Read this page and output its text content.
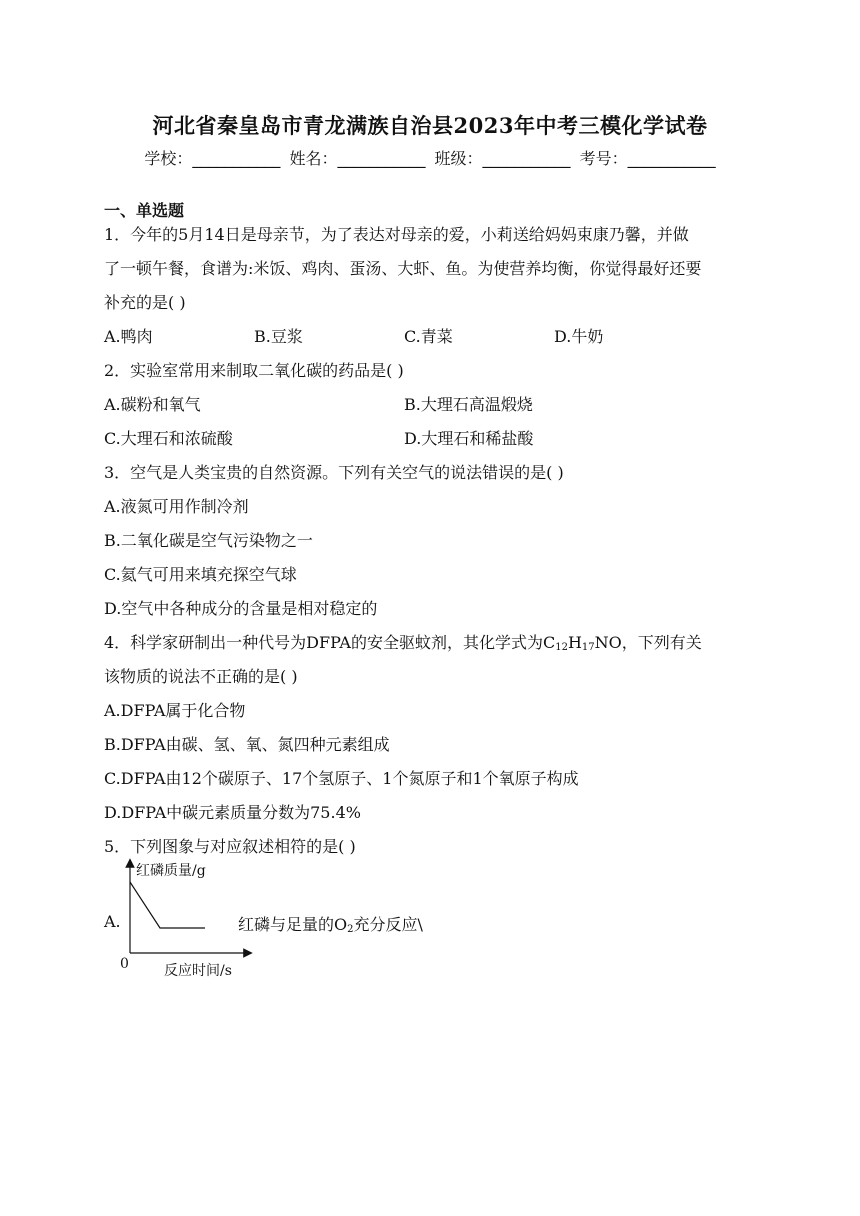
河北省秦皇岛市青龙满族自治县2023年中考三模化学试卷
学校：___________ 姓名：___________ 班级：___________ 考号：___________
一、单选题
1．今年的5月14日是母亲节，为了表达对母亲的爱，小莉送给妈妈束康乃馨，并做
了一顿午餐，食谱为:米饭、鸡肉、蛋汤、大虾、鱼。为使营养均衡，你觉得最好还要
补充的是( )
A.鸭肉	B.豆浆	C.青菜	D.牛奶
2．实验室常用来制取二氧化碳的药品是( )
A.碳粉和氧气	B.大理石高温煅烧
C.大理石和浓硫酸	D.大理石和稀盐酸
3．空气是人类宝贵的自然资源。下列有关空气的说法错误的是( )
A.液氮可用作制冷剂
B.二氧化碳是空气污染物之一
C.氦气可用来填充探空气球
D.空气中各种成分的含量是相对稳定的
4．科学家研制出一种代号为DFPA的安全驱蚊剂，其化学式为$C_{12}H_{17}NO$，下列有关
该物质的说法不正确的是( )
A.DFPA属于化合物
B.DFPA由碳、氢、氧、氮四种元素组成
C.DFPA由12个碳原子、17个氢原子、1个氮原子和1个氧原子构成
D.DFPA中碳元素质量分数为75.4%
5．下列图象与对应叙述相符的是( )
A.
红磷质量/g
0	反应时间/s
红磷与足量的$O_2$充分反应\
